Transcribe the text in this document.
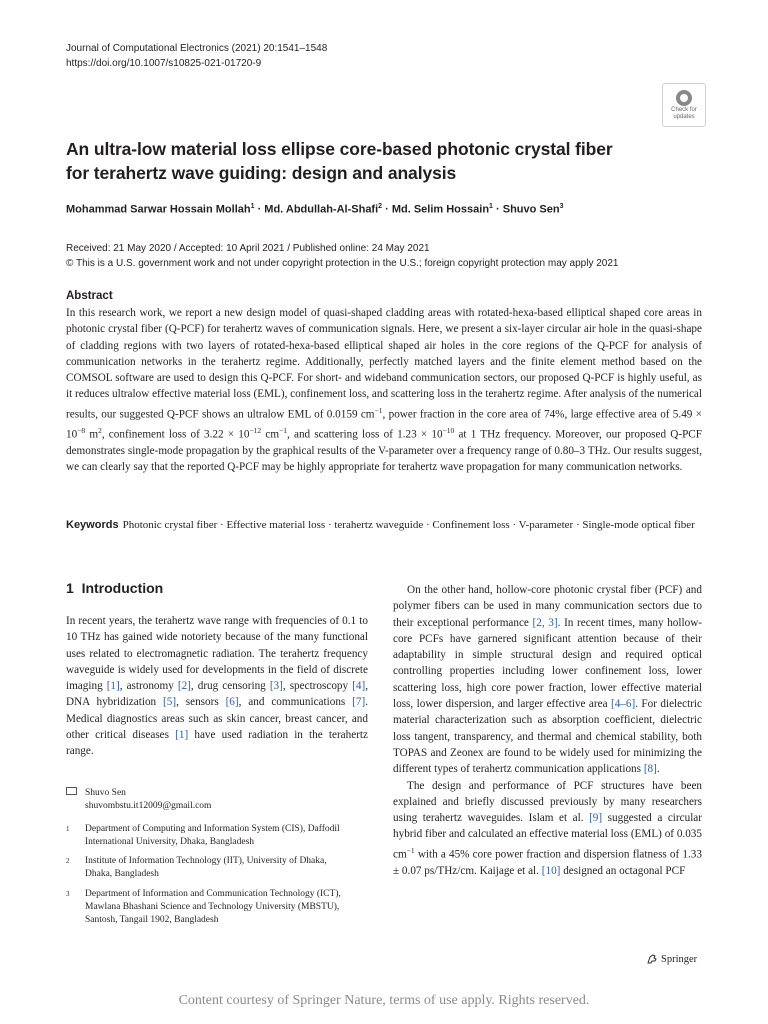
Journal of Computational Electronics (2021) 20:1541–1548
https://doi.org/10.1007/s10825-021-01720-9
Check for updates
An ultra-low material loss ellipse core-based photonic crystal fiber
for terahertz wave guiding: design and analysis
Mohammad Sarwar Hossain Mollah$^1$ · Md. Abdullah-Al-Shafi$^2$ · Md. Selim Hossain$^1$ · Shuvo Sen$^3$
Received: 21 May 2020 / Accepted: 10 April 2021 / Published online: 24 May 2021
© This is a U.S. government work and not under copyright protection in the U.S.; foreign copyright protection may apply 2021
Abstract
In this research work, we report a new design model of quasi-shaped cladding areas with rotated-hexa-based elliptical shaped core areas in photonic crystal fiber (Q-PCF) for terahertz waves of communication signals. Here, we present a six-layer circular air hole in the quasi-shape of cladding regions with two layers of rotated-hexa-based elliptical shaped air holes in the core regions of the Q-PCF for analysis of communication networks in the terahertz regime. Additionally, perfectly matched layers and the finite element method based on the COMSOL software are used to design this Q-PCF. For short- and wideband communication sectors, our proposed Q-PCF is highly useful, as it reduces ultralow effective material loss (EML), confinement loss, and scattering loss in the terahertz regime. After analysis of the numerical results, our suggested Q-PCF shows an ultralow EML of 0.0159 $cm^{-1}$, power fraction in the core area of 74%, large effective area of $5.49 \times 10^{-8}$ $m^2$, confinement loss of $3.22 \times 10^{-12}$ $cm^{-1}$, and scattering loss of $1.23 \times 10^{-10}$ at 1 THz frequency. Moreover, our proposed Q-PCF demonstrates single-mode propagation by the graphical results of the V-parameter over a frequency range of 0.80–3 THz. Our results suggest, we can clearly say that the reported Q-PCF may be highly appropriate for terahertz wave propagation for many communication networks.
Keywords Photonic crystal fiber · Effective material loss · terahertz waveguide · Confinement loss · V-parameter · Single-mode optical fiber
1 Introduction

In recent years, the terahertz wave range with frequencies of 0.1 to 10 THz has gained wide notoriety because of the many functional uses related to electromagnetic radiation. The terahertz frequency waveguide is widely used for developments in the field of discrete imaging [1], astronomy [2], drug censoring [3], spectroscopy [4], DNA hybridization [5], sensors [6], and communications [7]. Medical diagnostics areas such as skin cancer, breast cancer, and other critical diseases [1] have used radiation in the terahertz range.

On the other hand, hollow-core photonic crystal fiber (PCF) and polymer fibers can be used in many communication sectors due to their exceptional performance [2, 3]. In recent times, many hollow-core PCFs have garnered significant attention because of their adaptability in simple structural design and required optical controlling properties including lower confinement loss, lower scattering loss, high core power fraction, lower effective material loss, lower dispersion, and larger effective area [4–6]. For dielectric material characterization such as absorption coefficient, dielectric loss tangent, transparency, and thermal and chemical stability, both TOPAS and Zeonex are found to be widely used for minimizing the different types of terahertz communication applications [8].

The design and performance of PCF structures have been explained and briefly discussed previously by many researchers using terahertz waveguides. Islam et al. [9] suggested a circular hybrid fiber and calculated an effective material loss (EML) of 0.035 $cm^{-1}$ with a 45% core power fraction and dispersion flatness of 1.33 ± 0.07 ps/THz/cm. Kaijage et al. [10] designed an octagonal PCF

Shuvo Sen
shuvombstu.it12009@gmail.com
1	Department of Computing and Information System (CIS), Daffodil International University, Dhaka, Bangladesh
2	Institute of Information Technology (IIT), University of Dhaka, Dhaka, Bangladesh
3	Department of Information and Communication Technology (ICT), Mawlana Bhashani Science and Technology University (MBSTU), Santosh, Tangail 1902, Bangladesh
Springer
Content courtesy of Springer Nature, terms of use apply. Rights reserved.
